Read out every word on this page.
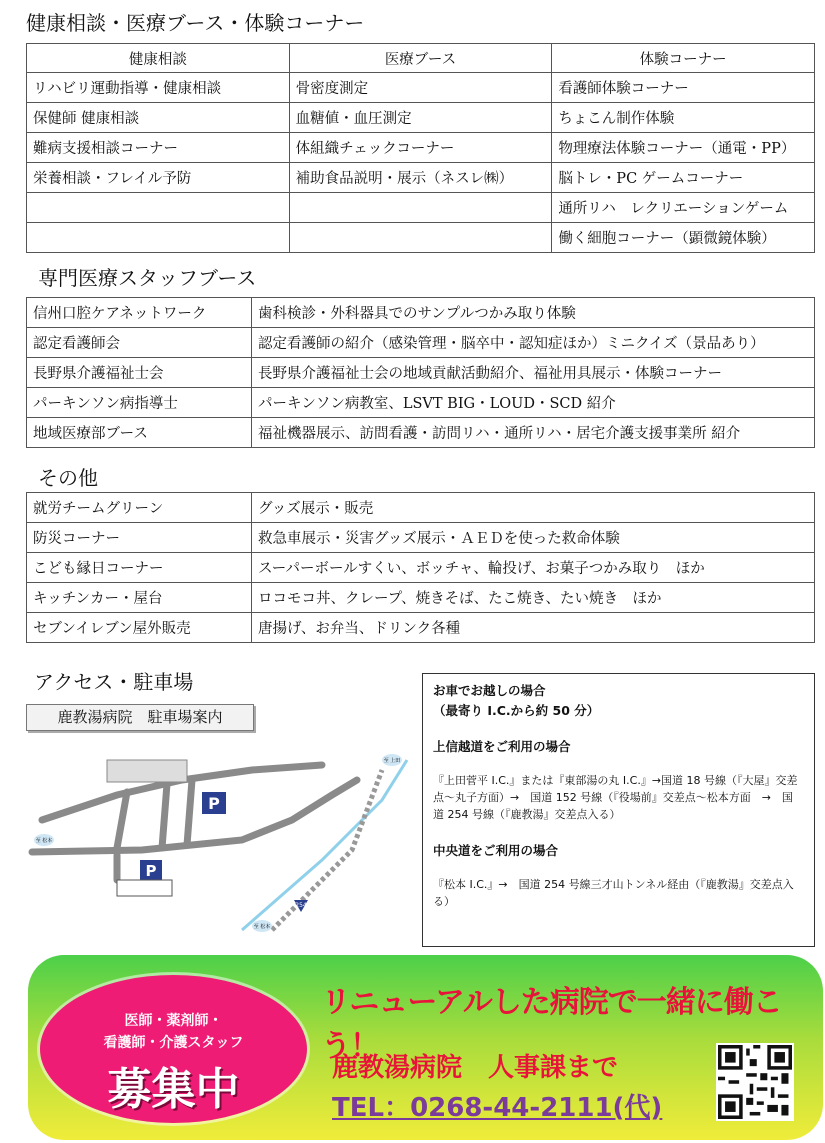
健康相談・医療ブース・体験コーナー
健康相談	医療ブース	体験コーナー
リハビリ運動指導・健康相談	骨密度測定	看護師体験コーナー
保健師 健康相談	血糖値・血圧測定	ちょこん制作体験
難病支援相談コーナー	体組織チェックコーナー	物理療法体験コーナー（通電・PP）
栄養相談・フレイル予防	補助食品説明・展示（ネスレ㈱）	脳トレ・PC ゲームコーナー
		通所リハ　レクリエーションゲーム
		働く細胞コーナー（顕微鏡体験）
専門医療スタッフブース
信州口腔ケアネットワーク	歯科検診・外科器具でのサンプルつかみ取り体験
認定看護師会	認定看護師の紹介（感染管理・脳卒中・認知症ほか）ミニクイズ（景品あり）
長野県介護福祉士会	長野県介護福祉士会の地域貢献活動紹介、福祉用具展示・体験コーナー
パーキンソン病指導士	パーキンソン病教室、LSVT BIG・LOUD・SCD 紹介
地域医療部ブース	福祉機器展示、訪問看護・訪問リハ・通所リハ・居宅介護支援事業所 紹介
その他
就労チームグリーン	グッズ展示・販売
防災コーナー	救急車展示・災害グッズ展示・ＡＥＤを使った救命体験
こども縁日コーナー	スーパーボールすくい、ボッチャ、輪投げ、お菓子つかみ取り　ほか
キッチンカー・屋台	ロコモコ丼、クレープ、焼きそば、たこ焼き、たい焼き　ほか
セブンイレブン屋外販売	唐揚げ、お弁当、ドリンク各種
アクセス・駐車場
鹿教湯病院　駐車場案内
P
P
254
至 上田
至 松本
至 松本
お車でお越しの場合
（最寄り I.C.から約 50 分）
上信越道をご利用の場合
『上田菅平 I.C.』または『東部湯の丸 I.C.』→国道 18 号線（『大屋』交差点〜丸子方面）→　国道 152 号線（『役場前』交差点〜松本方面　→　国道 254 号線（『鹿教湯』交差点入る）
中央道をご利用の場合
『松本 I.C.』→　国道 254 号線三才山トンネル経由（『鹿教湯』交差点入る）
医師・薬剤師・
看護師・介護スタッフ
募集中
リニューアルした病院で一緒に働こう！
鹿教湯病院　人事課まで
TEL：0268-44-2111(代)
